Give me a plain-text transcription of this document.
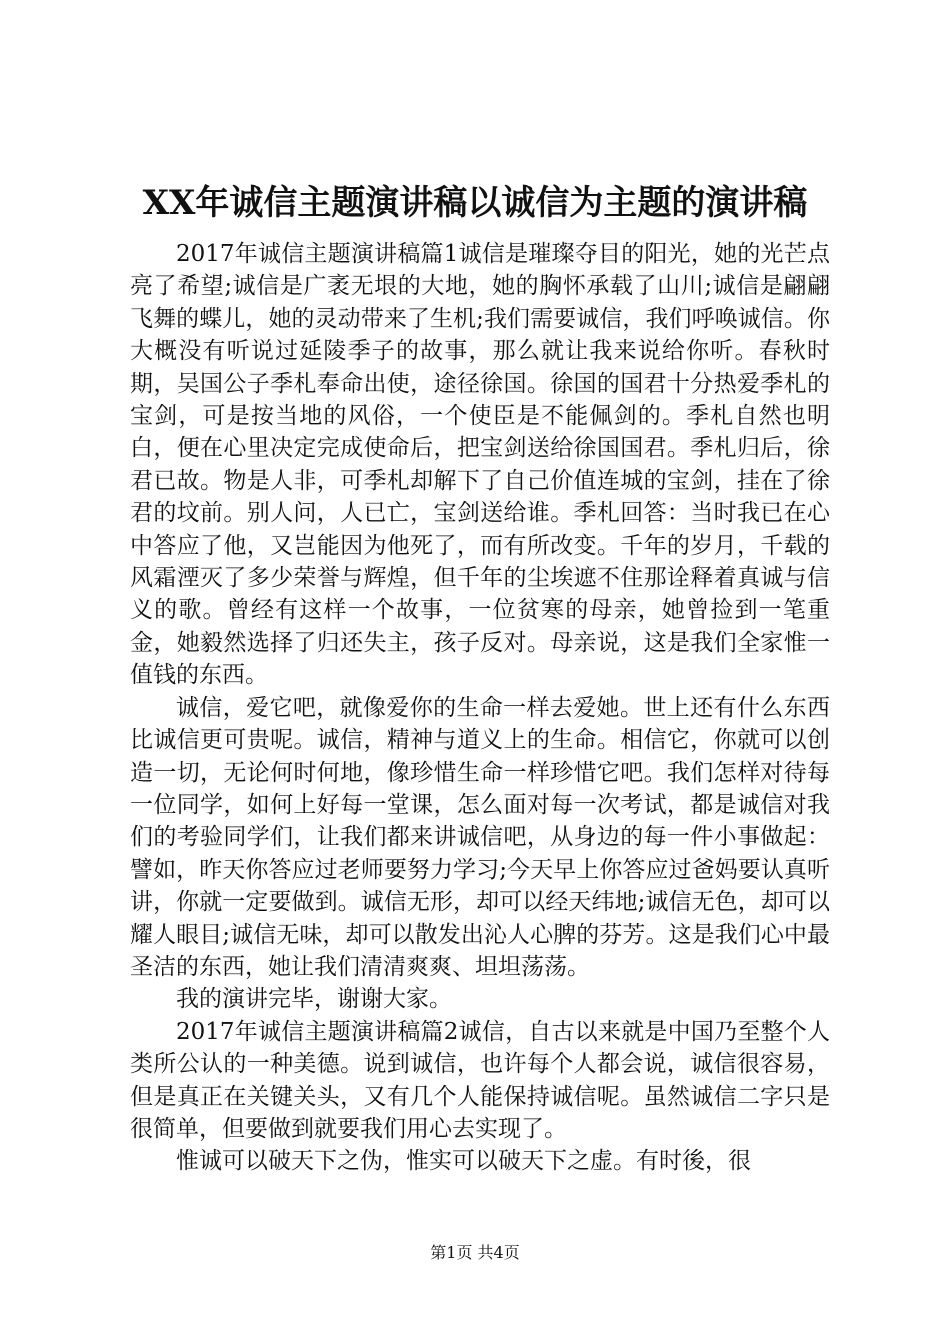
XX年诚信主题演讲稿以诚信为主题的演讲稿

2017年诚信主题演讲稿篇1诚信是璀璨夺目的阳光，她的光芒点亮了希望;诚信是广袤无垠的大地，她的胸怀承载了山川;诚信是翩翩飞舞的蝶儿，她的灵动带来了生机;我们需要诚信，我们呼唤诚信。你大概没有听说过延陵季子的故事，那么就让我来说给你听。春秋时期，吴国公子季札奉命出使，途径徐国。徐国的国君十分热爱季札的宝剑，可是按当地的风俗，一个使臣是不能佩剑的。季札自然也明白，便在心里决定完成使命后，把宝剑送给徐国国君。季札归后，徐君已故。物是人非，可季札却解下了自己价值连城的宝剑，挂在了徐君的坟前。别人问，人已亡，宝剑送给谁。季札回答：当时我已在心中答应了他，又岂能因为他死了，而有所改变。千年的岁月，千载的风霜湮灭了多少荣誉与辉煌，但千年的尘埃遮不住那诠释着真诚与信义的歌。曾经有这样一个故事，一位贫寒的母亲，她曾捡到一笔重金，她毅然选择了归还失主，孩子反对。母亲说，这是我们全家惟一值钱的东西。

诚信，爱它吧，就像爱你的生命一样去爱她。世上还有什么东西比诚信更可贵呢。诚信，精神与道义上的生命。相信它，你就可以创造一切，无论何时何地，像珍惜生命一样珍惜它吧。我们怎样对待每一位同学，如何上好每一堂课，怎么面对每一次考试，都是诚信对我们的考验同学们，让我们都来讲诚信吧，从身边的每一件小事做起：譬如，昨天你答应过老师要努力学习;今天早上你答应过爸妈要认真听讲，你就一定要做到。诚信无形，却可以经天纬地;诚信无色，却可以耀人眼目;诚信无味，却可以散发出沁人心脾的芬芳。这是我们心中最圣洁的东西，她让我们清清爽爽、坦坦荡荡。

我的演讲完毕，谢谢大家。

2017年诚信主题演讲稿篇2诚信，自古以来就是中国乃至整个人类所公认的一种美德。说到诚信，也许每个人都会说，诚信很容易，但是真正在关键关头，又有几个人能保持诚信呢。虽然诚信二字只是很简单，但要做到就要我们用心去实现了。

惟诚可以破天下之伪，惟实可以破天下之虚。有时後，很

第1页 共4页
